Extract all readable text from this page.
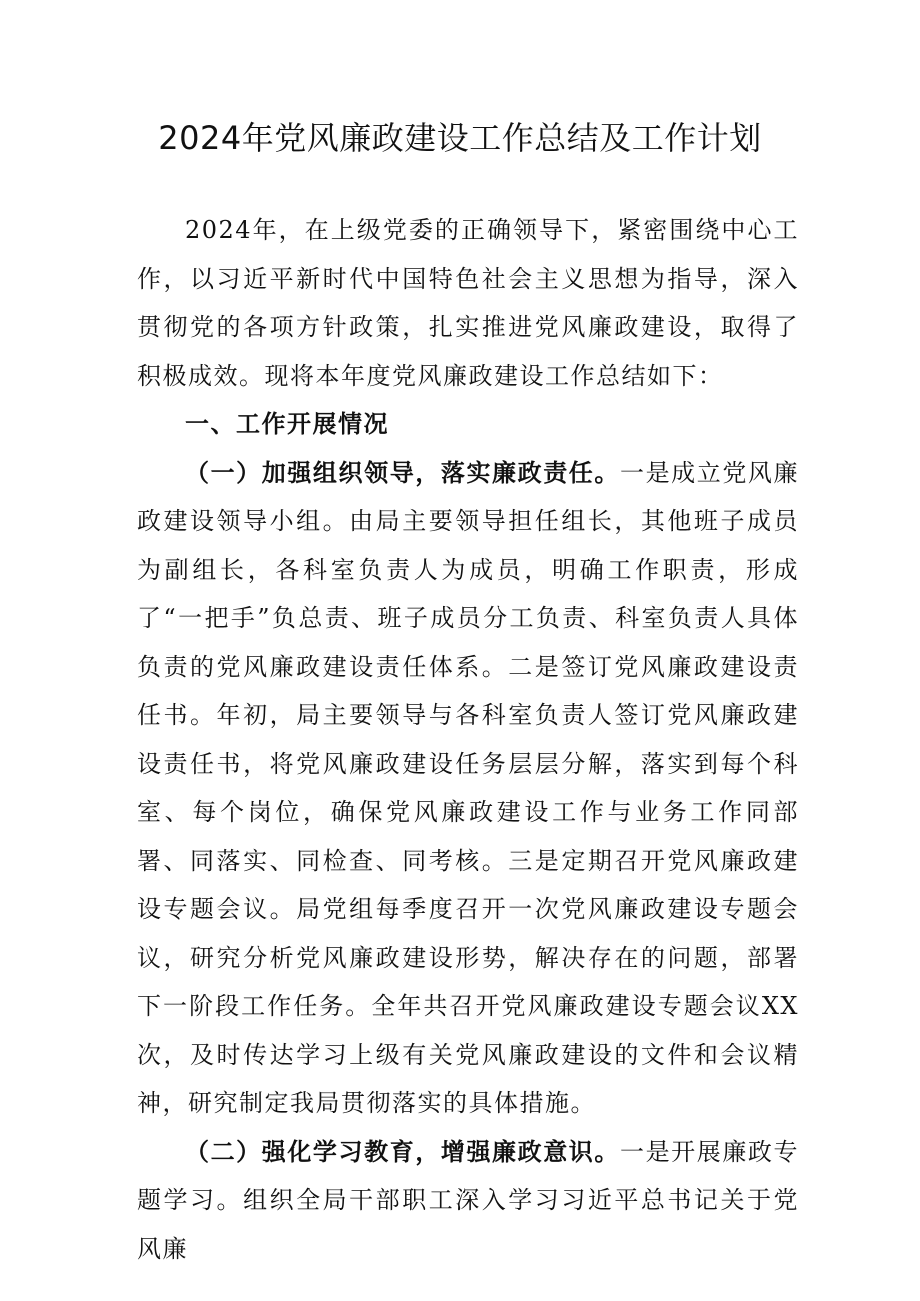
2024年党风廉政建设工作总结及工作计划

2024年，在上级党委的正确领导下，紧密围绕中心工作，以习近平新时代中国特色社会主义思想为指导，深入贯彻党的各项方针政策，扎实推进党风廉政建设，取得了积极成效。现将本年度党风廉政建设工作总结如下：

一、工作开展情况

（一）加强组织领导，落实廉政责任。一是成立党风廉政建设领导小组。由局主要领导担任组长，其他班子成员为副组长，各科室负责人为成员，明确工作职责，形成了“一把手”负总责、班子成员分工负责、科室负责人具体负责的党风廉政建设责任体系。二是签订党风廉政建设责任书。年初，局主要领导与各科室负责人签订党风廉政建设责任书，将党风廉政建设任务层层分解，落实到每个科室、每个岗位，确保党风廉政建设工作与业务工作同部署、同落实、同检查、同考核。三是定期召开党风廉政建设专题会议。局党组每季度召开一次党风廉政建设专题会议，研究分析党风廉政建设形势，解决存在的问题，部署下一阶段工作任务。全年共召开党风廉政建设专题会议XX次，及时传达学习上级有关党风廉政建设的文件和会议精神，研究制定我局贯彻落实的具体措施。

（二）强化学习教育，增强廉政意识。一是开展廉政专题学习。组织全局干部职工深入学习习近平总书记关于党风廉
